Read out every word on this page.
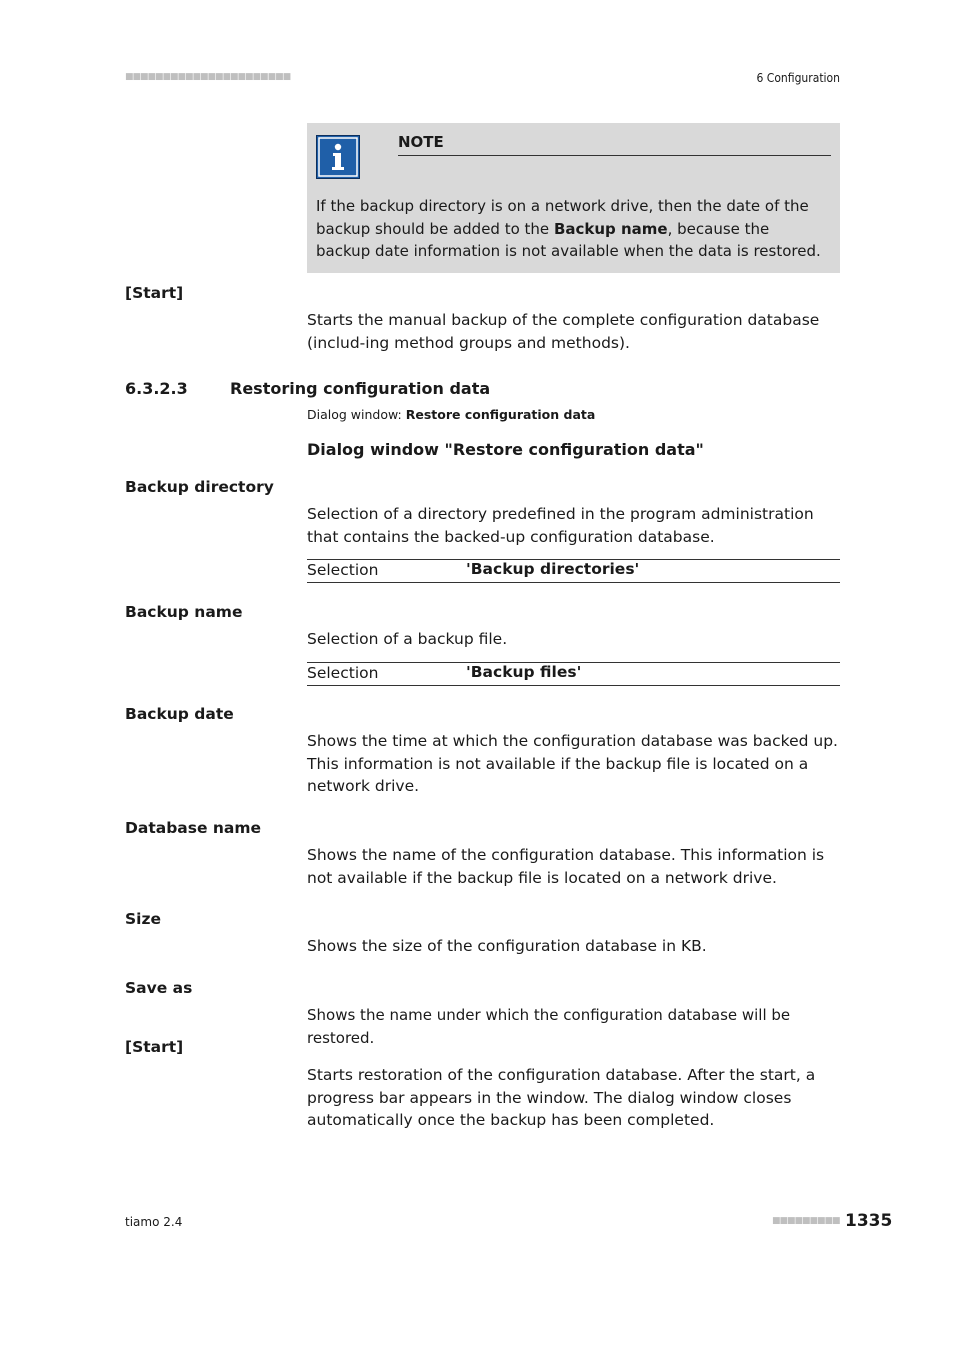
■■■■■■■■■■■■■■■■■■■■■■	6 Configuration
NOTE
If the backup directory is on a network drive, then the date of the backup should be added to the Backup name, because the backup date information is not available when the data is restored.
[Start]
Starts the manual backup of the complete configuration database (includ-ing method groups and methods).
6.3.2.3	Restoring configuration data
Dialog window: Restore configuration data
Dialog window "Restore configuration data"
Backup directory
Selection of a directory predefined in the program administration that contains the backed-up configuration database.
Selection	'Backup directories'
Backup name
Selection of a backup file.
Selection	'Backup files'
Backup date
Shows the time at which the configuration database was backed up. This information is not available if the backup file is located on a network drive.
Database name
Shows the name of the configuration database. This information is not available if the backup file is located on a network drive.
Size
Shows the size of the configuration database in KB.
Save as
Shows the name under which the configuration database will be restored.
[Start]
Starts restoration of the configuration database. After the start, a progress bar appears in the window. The dialog window closes automatically once the backup has been completed.
tiamo 2.4	■■■■■■■■■ 1335
